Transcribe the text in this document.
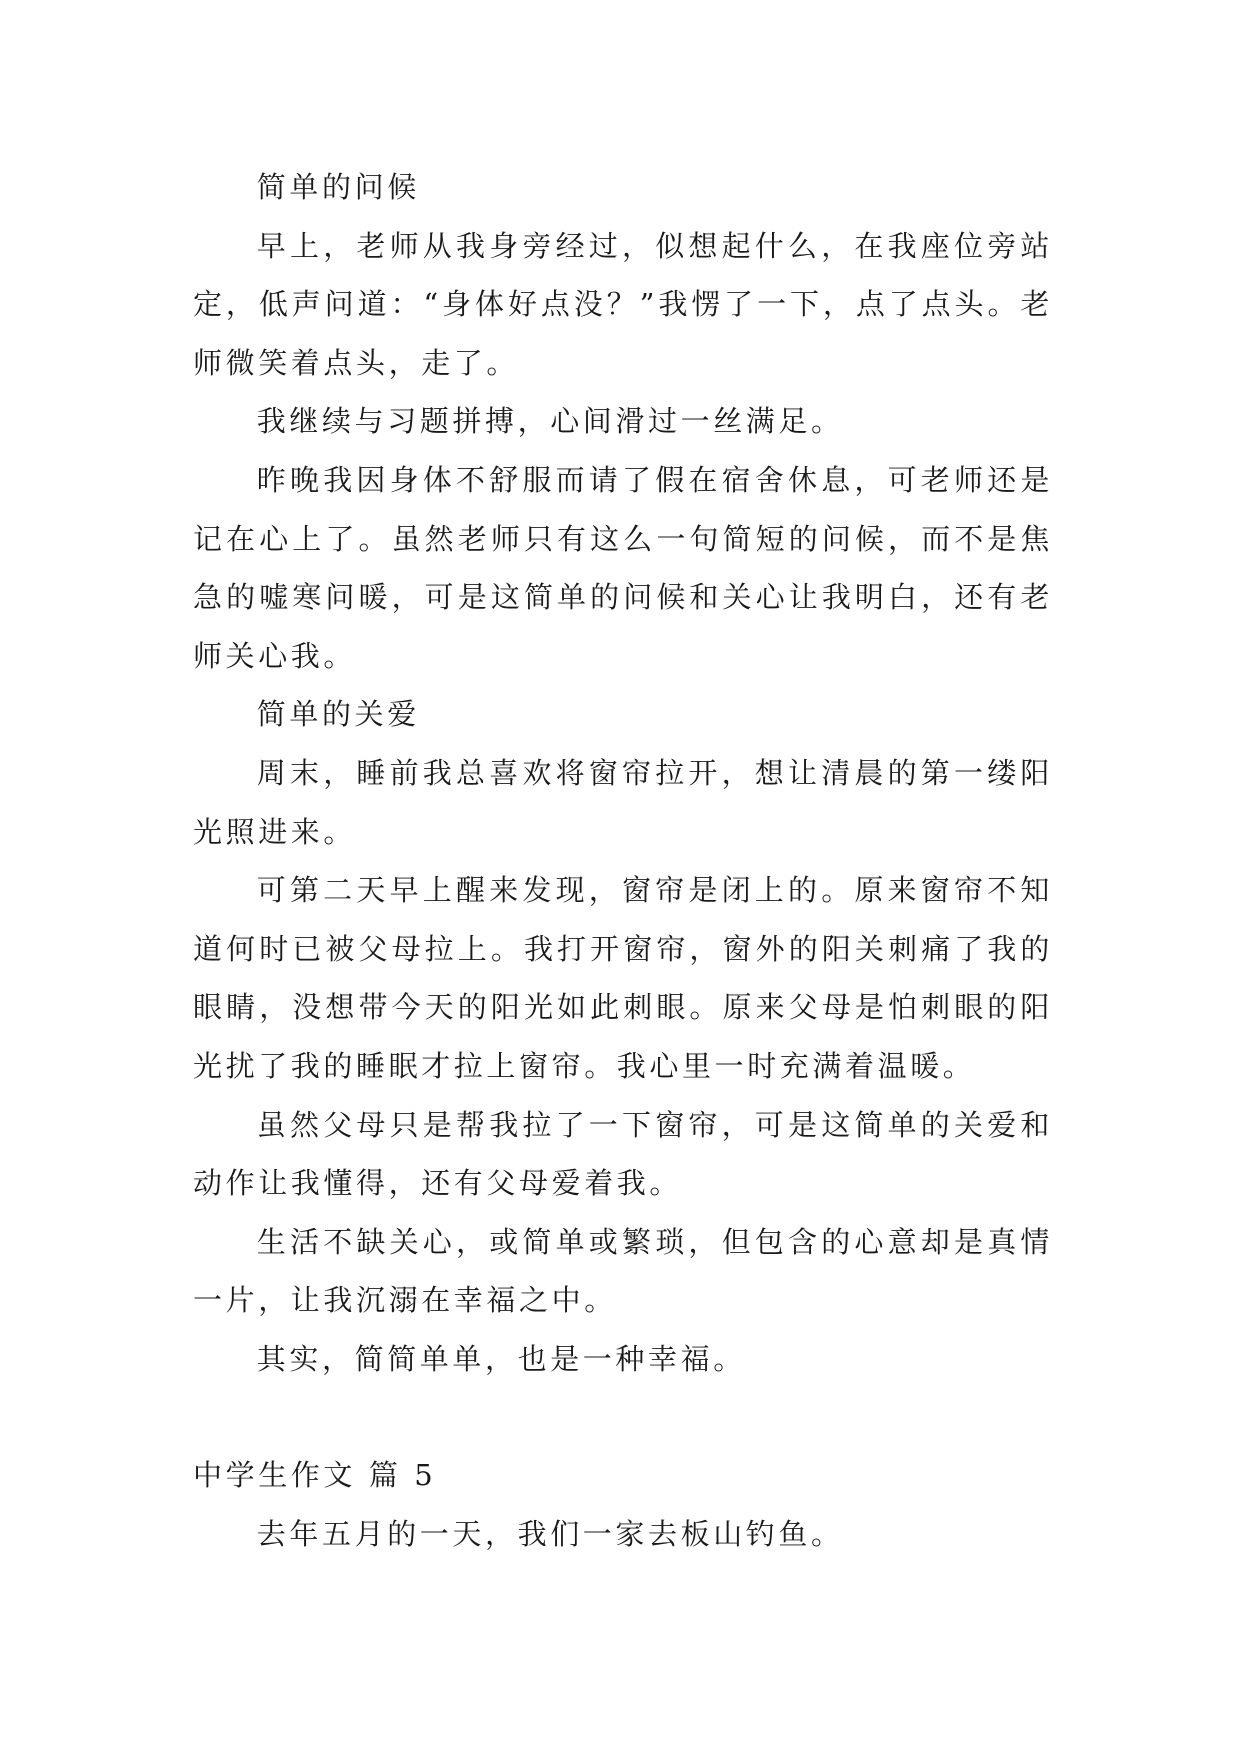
简单的问候

早上，老师从我身旁经过，似想起什么，在我座位旁站定，低声问道：“身体好点没？”我愣了一下，点了点头。老师微笑着点头，走了。

我继续与习题拼搏，心间滑过一丝满足。

昨晚我因身体不舒服而请了假在宿舍休息，可老师还是记在心上了。虽然老师只有这么一句简短的问候，而不是焦急的嘘寒问暖，可是这简单的问候和关心让我明白，还有老师关心我。

简单的关爱

周末，睡前我总喜欢将窗帘拉开，想让清晨的第一缕阳光照进来。

可第二天早上醒来发现，窗帘是闭上的。原来窗帘不知道何时已被父母拉上。我打开窗帘，窗外的阳关刺痛了我的眼睛，没想带今天的阳光如此刺眼。原来父母是怕刺眼的阳光扰了我的睡眠才拉上窗帘。我心里一时充满着温暖。

虽然父母只是帮我拉了一下窗帘，可是这简单的关爱和动作让我懂得，还有父母爱着我。

生活不缺关心，或简单或繁琐，但包含的心意却是真情一片，让我沉溺在幸福之中。

其实，简简单单，也是一种幸福。

中学生作文 篇 5

去年五月的一天，我们一家去板山钓鱼。
